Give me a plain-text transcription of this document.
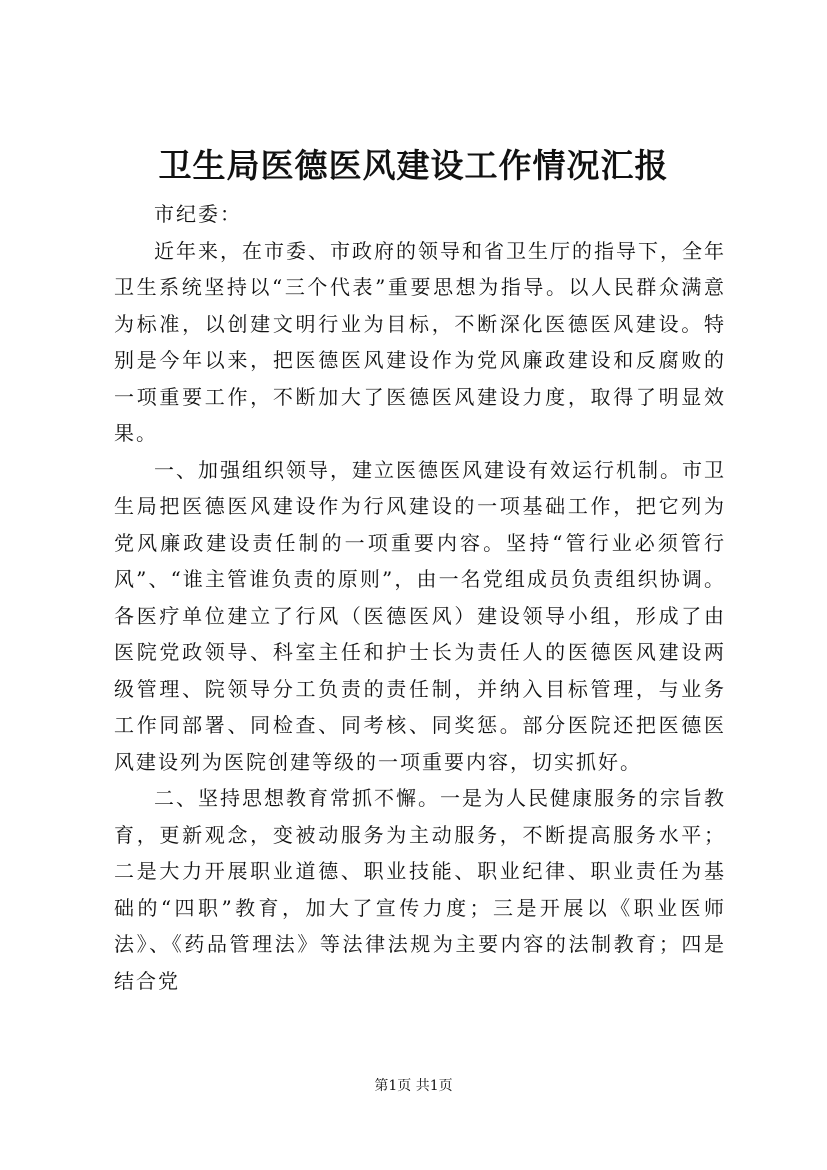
卫生局医德医风建设工作情况汇报

市纪委：

近年来，在市委、市政府的领导和省卫生厅的指导下，全年卫生系统坚持以“三个代表”重要思想为指导。以人民群众满意为标准，以创建文明行业为目标，不断深化医德医风建设。特别是今年以来，把医德医风建设作为党风廉政建设和反腐败的一项重要工作，不断加大了医德医风建设力度，取得了明显效果。

一、加强组织领导，建立医德医风建设有效运行机制。市卫生局把医德医风建设作为行风建设的一项基础工作，把它列为党风廉政建设责任制的一项重要内容。坚持“管行业必须管行风”、“谁主管谁负责的原则”，由一名党组成员负责组织协调。各医疗单位建立了行风（医德医风）建设领导小组，形成了由医院党政领导、科室主任和护士长为责任人的医德医风建设两级管理、院领导分工负责的责任制，并纳入目标管理，与业务工作同部署、同检查、同考核、同奖惩。部分医院还把医德医风建设列为医院创建等级的一项重要内容，切实抓好。

二、坚持思想教育常抓不懈。一是为人民健康服务的宗旨教育，更新观念，变被动服务为主动服务，不断提高服务水平；二是大力开展职业道德、职业技能、职业纪律、职业责任为基础的“四职”教育，加大了宣传力度；三是开展以《职业医师法》、《药品管理法》等法律法规为主要内容的法制教育；四是结合党

第1页 共1页
